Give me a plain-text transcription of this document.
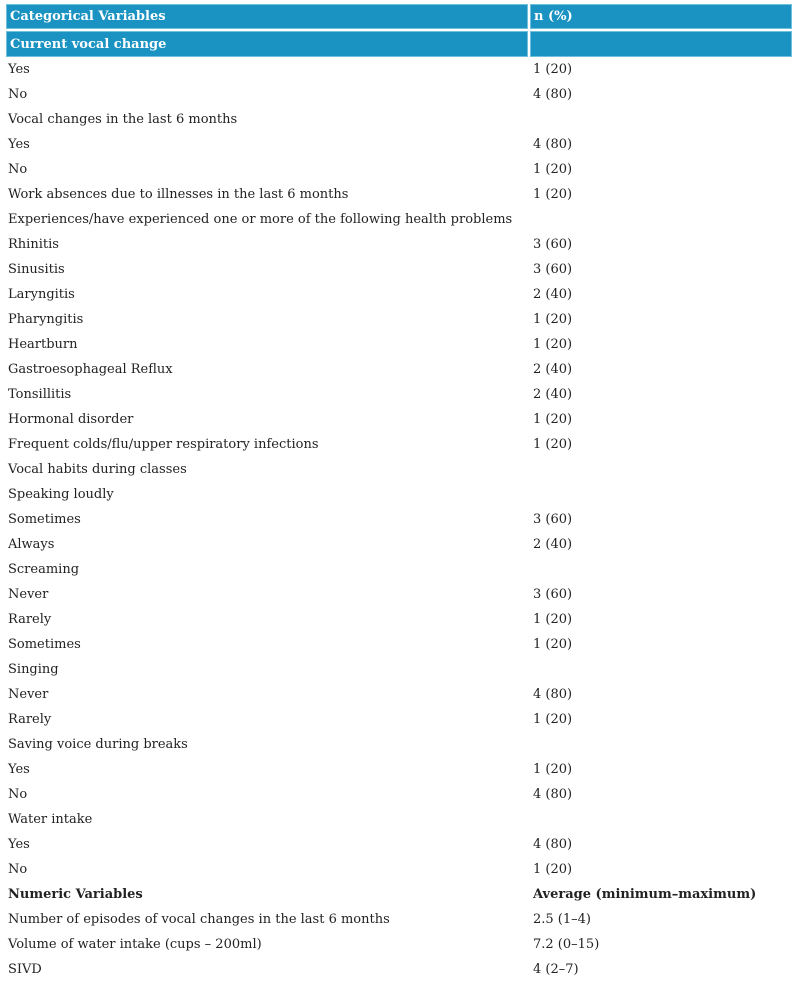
Categorical Variables	n (%)

Current vocal change	
Yes	1 (20)
No	4 (80)
Vocal changes in the last 6 months	
Yes	4 (80)
No	1 (20)
Work absences due to illnesses in the last 6 months	1 (20)
Experiences/have experienced one or more of the following health problems	
Rhinitis	3 (60)
Sinusitis	3 (60)
Laryngitis	2 (40)
Pharyngitis	1 (20)
Heartburn	1 (20)
Gastroesophageal Reflux	2 (40)
Tonsillitis	2 (40)
Hormonal disorder	1 (20)
Frequent colds/flu/upper respiratory infections	1 (20)
Vocal habits during classes	
Speaking loudly	
Sometimes	3 (60)
Always	2 (40)
Screaming	
Never	3 (60)
Rarely	1 (20)
Sometimes	1 (20)
Singing	
Never	4 (80)
Rarely	1 (20)
Saving voice during breaks	
Yes	1 (20)
No	4 (80)
Water intake	
Yes	4 (80)
No	1 (20)
Numeric Variables	Average (minimum–maximum)
Number of episodes of vocal changes in the last 6 months	2.5 (1–4)
Volume of water intake (cups – 200ml)	7.2 (0–15)
SIVD	4 (2–7)
